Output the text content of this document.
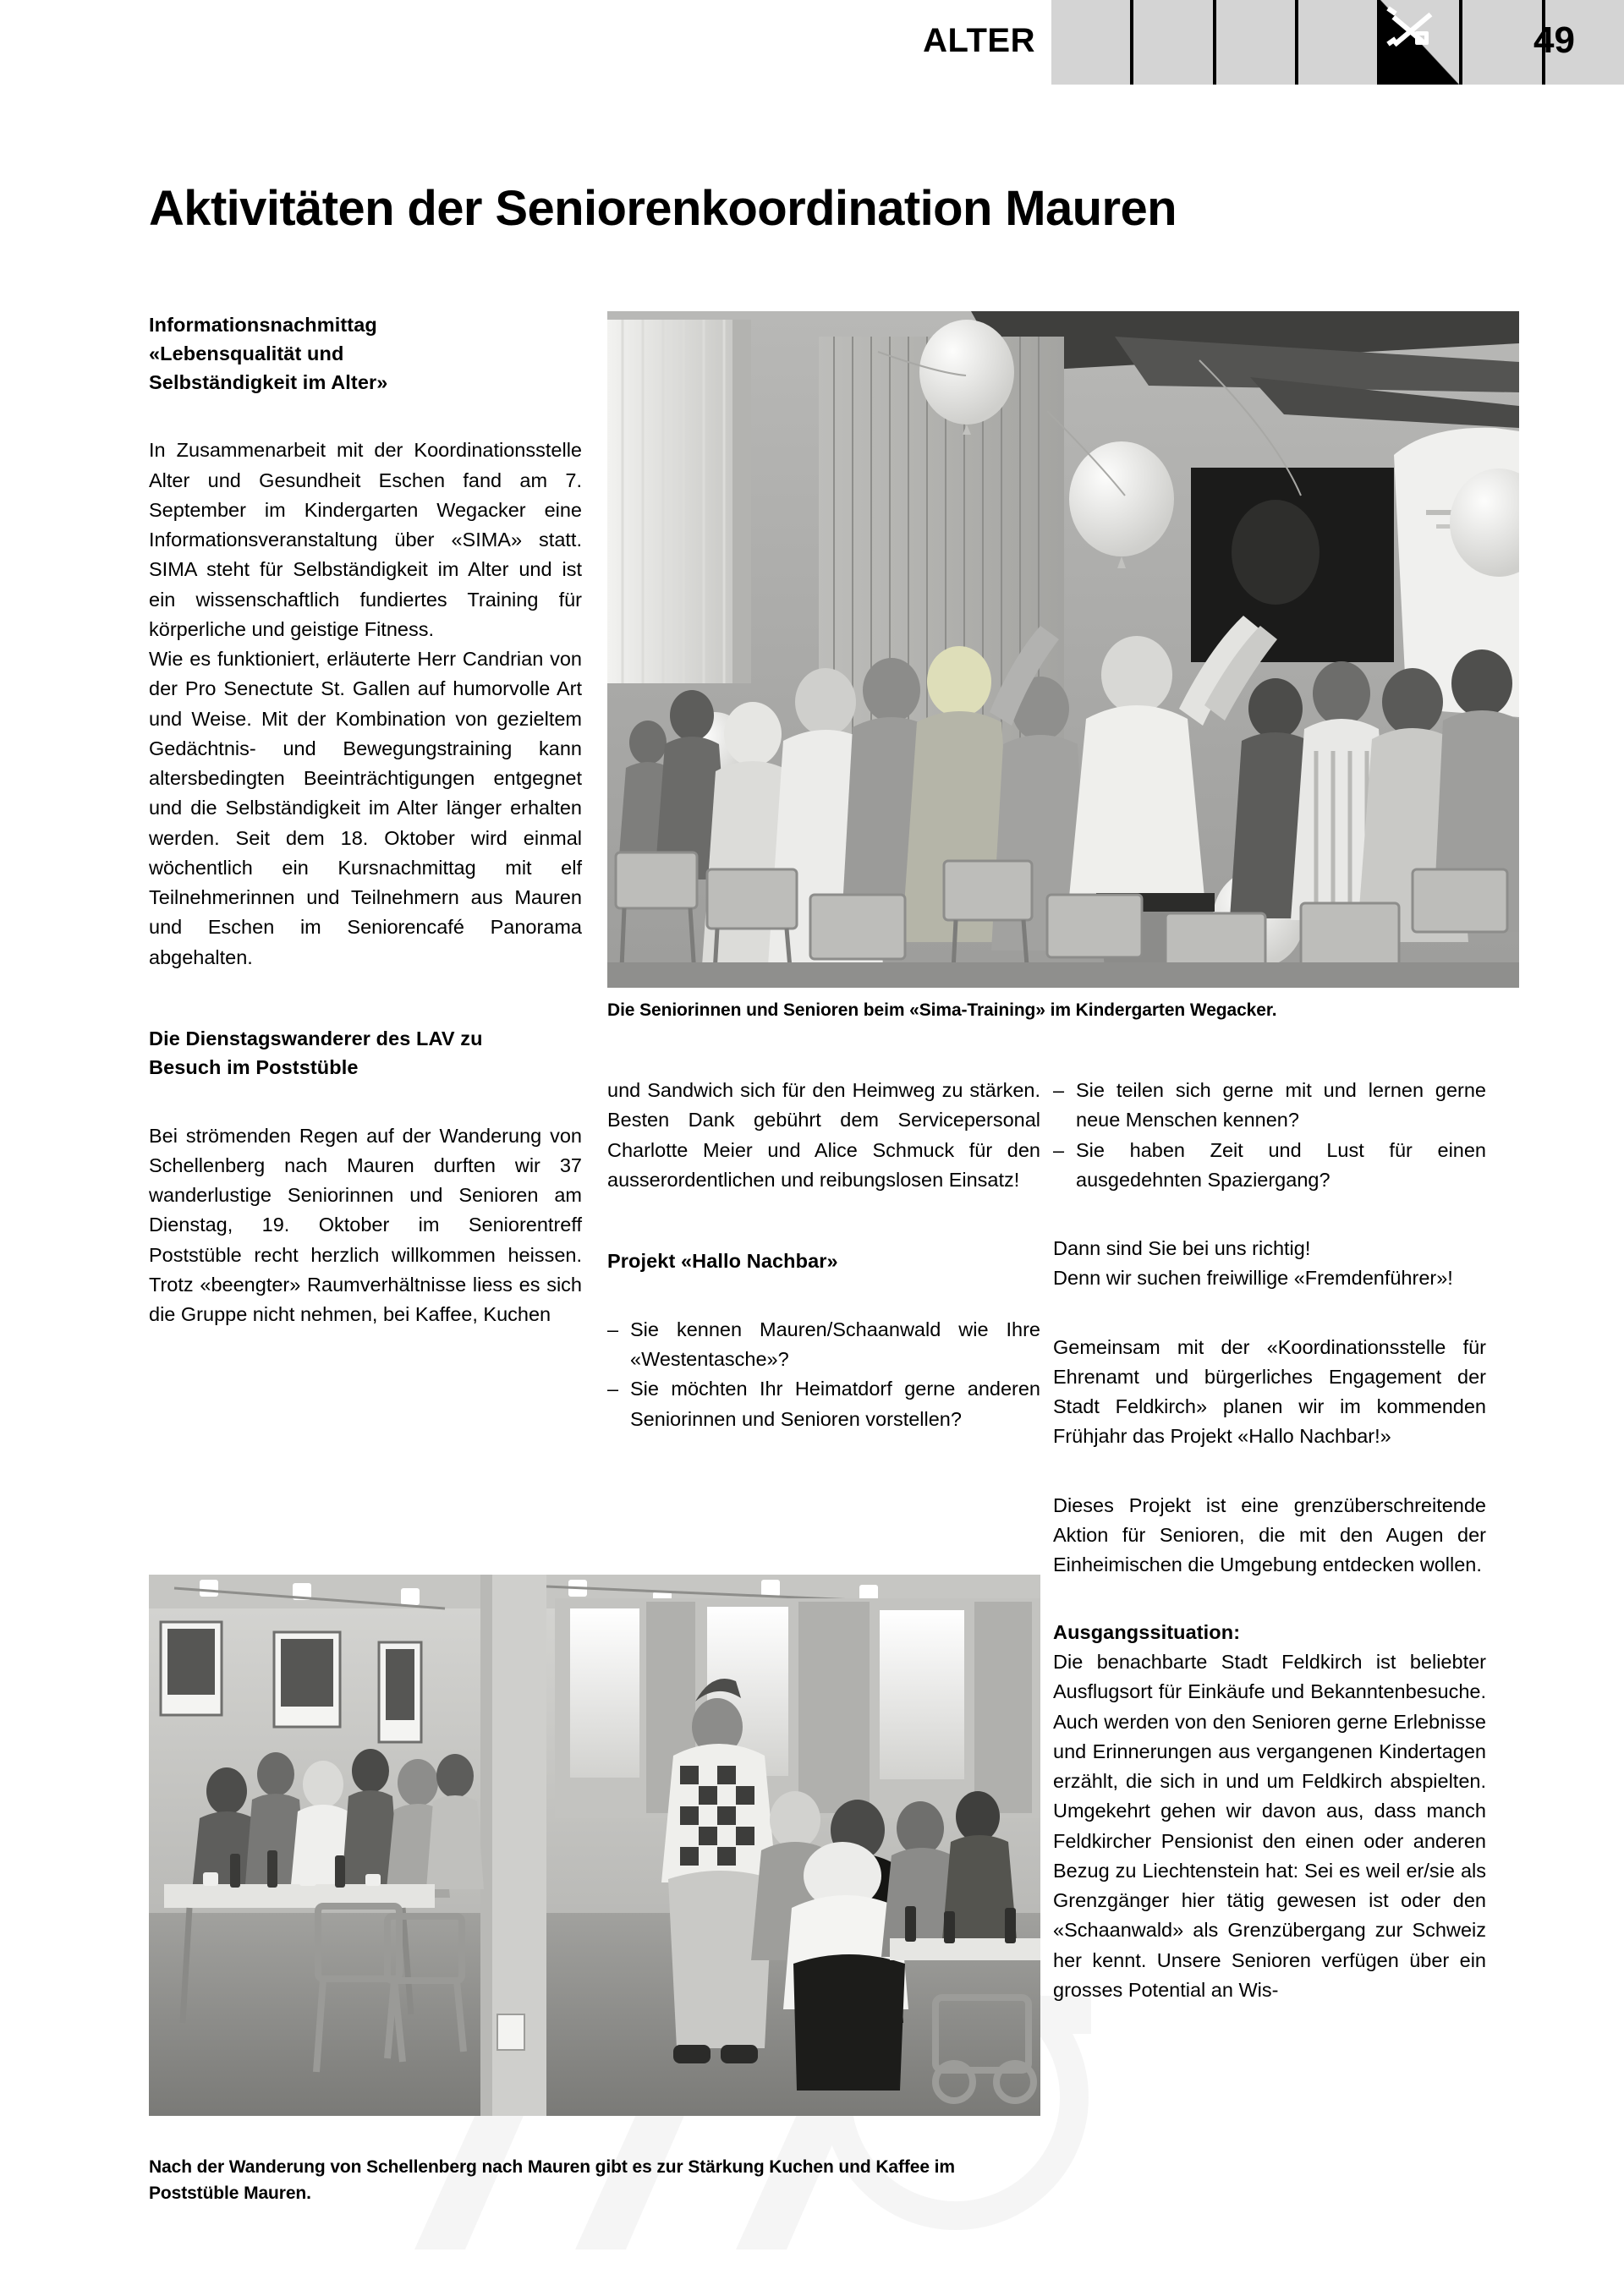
ALTER	49
Aktivitäten der Seniorenkoordination Mauren
Informationsnachmittag
«Lebensqualität und
Selbständigkeit im Alter»

In Zusammenarbeit mit der Koordinationsstelle Alter und Gesundheit Eschen fand am 7. September im Kindergarten Wegacker eine Informationsveranstaltung über «SIMA» statt. SIMA steht für Selbständigkeit im Alter und ist ein wissenschaftlich fundiertes Training für körperliche und geistige Fitness.

Wie es funktioniert, erläuterte Herr Candrian von der Pro Senectute St. Gallen auf humorvolle Art und Weise. Mit der Kombination von gezieltem Gedächtnis- und Bewegungstraining kann altersbedingten Beeinträchtigungen entgegnet und die Selbständigkeit im Alter länger erhalten werden. Seit dem 18. Oktober wird einmal wöchentlich ein Kursnachmittag mit elf Teilnehmerinnen und Teilnehmern aus Mauren und Eschen im Seniorencafé Panorama abgehalten.

Die Dienstagswanderer des LAV zu
Besuch im Poststüble

Bei strömenden Regen auf der Wanderung von Schellenberg nach Mauren durften wir 37 wanderlustige Seniorinnen und Senioren am Dienstag, 19. Oktober im Seniorentreff Poststüble recht herzlich willkommen heissen. Trotz «beengter» Raumverhältnisse liess es sich die Gruppe nicht nehmen, bei Kaffee, Kuchen

und Sandwich sich für den Heimweg zu stärken. Besten Dank gebührt dem Servicepersonal Charlotte Meier und Alice Schmuck für den ausserordentlichen und reibungslosen Einsatz!

Projekt «Hallo Nachbar»
– Sie kennen Mauren/Schaanwald wie Ihre «Westentasche»?
– Sie möchten Ihr Heimatdorf gerne anderen Seniorinnen und Senioren vorstellen?
– Sie teilen sich gerne mit und lernen gerne neue Menschen kennen?
– Sie haben Zeit und Lust für einen ausgedehnten Spaziergang?

Dann sind Sie bei uns richtig!

Denn wir suchen freiwillige «Fremdenführer»!

Gemeinsam mit der «Koordinationsstelle für Ehrenamt und bürgerliches Engagement der Stadt Feldkirch» planen wir im kommenden Frühjahr das Projekt «Hallo Nachbar!»

Dieses Projekt ist eine grenzüberschreitende Aktion für Senioren, die mit den Augen der Einheimischen die Umgebung entdecken wollen.

Ausgangssituation:

Die benachbarte Stadt Feldkirch ist beliebter Ausflugsort für Einkäufe und Bekanntenbesuche. Auch werden von den Senioren gerne Erlebnisse und Erinnerungen aus vergangenen Kindertagen erzählt, die sich in und um Feldkirch abspielten. Umgekehrt gehen wir davon aus, dass manch Feldkircher Pensionist den einen oder anderen Bezug zu Liechtenstein hat: Sei es weil er/sie als Grenzgänger hier tätig gewesen ist oder den «Schaanwald» als Grenzübergang zur Schweiz her kennt. Unsere Senioren verfügen über ein grosses Potential an Wis-

Die Seniorinnen und Senioren beim «Sima-Training» im Kindergarten Wegacker.
Nach der Wanderung von Schellenberg nach Mauren gibt es zur Stärkung Kuchen und Kaffee im Poststüble Mauren.
